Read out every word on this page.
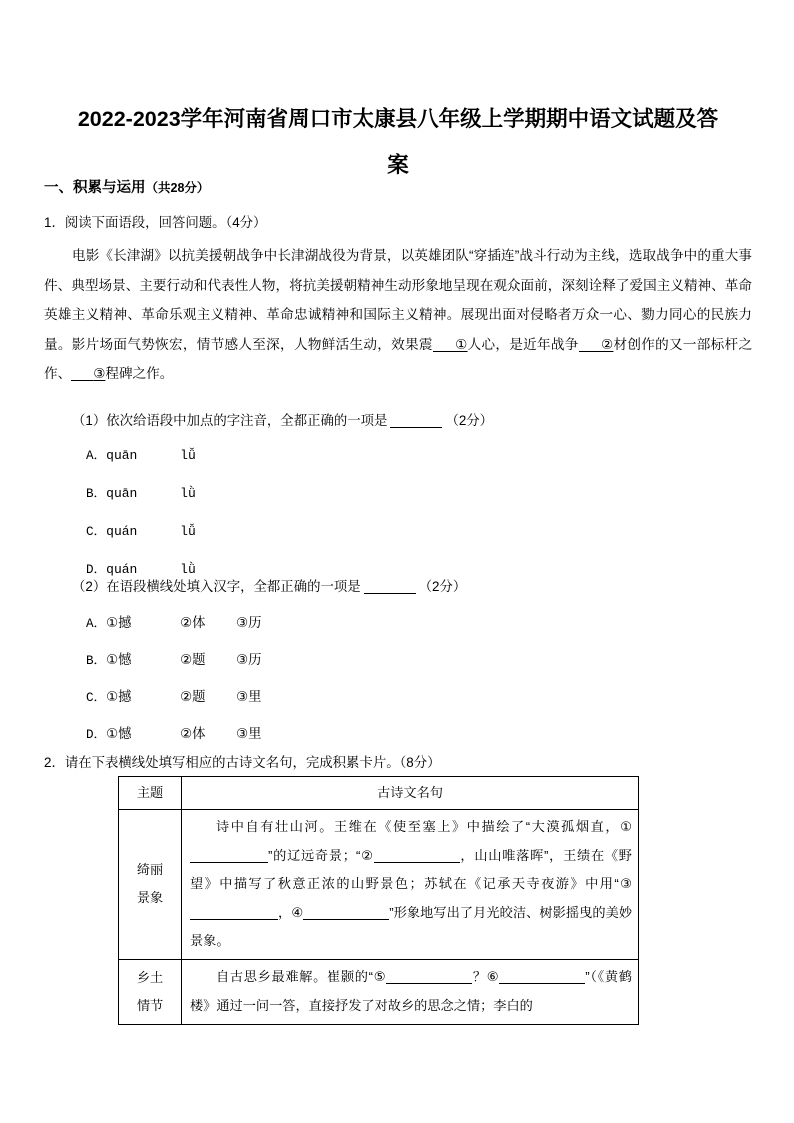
2022-2023学年河南省周口市太康县八年级上学期期中语文试题及答案
一、积累与运用（共28分）
1．阅读下面语段，回答问题。（4分）
电影《长津湖》以抗美援朝战争中长津湖战役为背景，以英雄团队“穿插连”战斗行动为主线，选取战争中的重大事件、典型场景、主要行动和代表性人物，将抗美援朝精神生动形象地呈现在观众面前，深刻诠释了爱国主义精神、革命英雄主义精神、革命乐观主义精神、革命忠诚精神和国际主义精神。展现出面对侵略者万众一心、勠力同心的民族力量。影片场面气势恢宏，情节感人至深，人物鲜活生动，效果震 ①人心，是近年战争 ②材创作的又一部标杆之作、 ③程碑之作。
（1）依次给语段中加点的字注音，全都正确的一项是	（2分）
A．quān	lǚ
B．quān	lǜ
C．quán	lǚ
D．quán	lǜ
（2）在语段横线处填入汉字，全都正确的一项是	（2分）
A．①撼	②体 ③历
B．①憾	②题 ③历
C．①撼	②题 ③里
D．①憾	②体 ③里
2．请在下表横线处填写相应的古诗文名句，完成积累卡片。（8分）
主题	古诗文名句

绮丽
景象	诗中自有壮山河。王维在《使至塞上》中描绘了“大漠孤烟直，①”的辽远奇景；“② ，山山唯落晖”，王绩在《野望》中描写了秋意正浓的山野景色；苏轼在《记承天寺夜游》中用“③，④ ”形象地写出了月光皎洁、树影摇曳的美妙景象。

乡土
情节	自古思乡最难解。崔颢的“⑤ ？⑥ ”（《黄鹤楼》通过一问一答，直接抒发了对故乡的思念之情；李白的
